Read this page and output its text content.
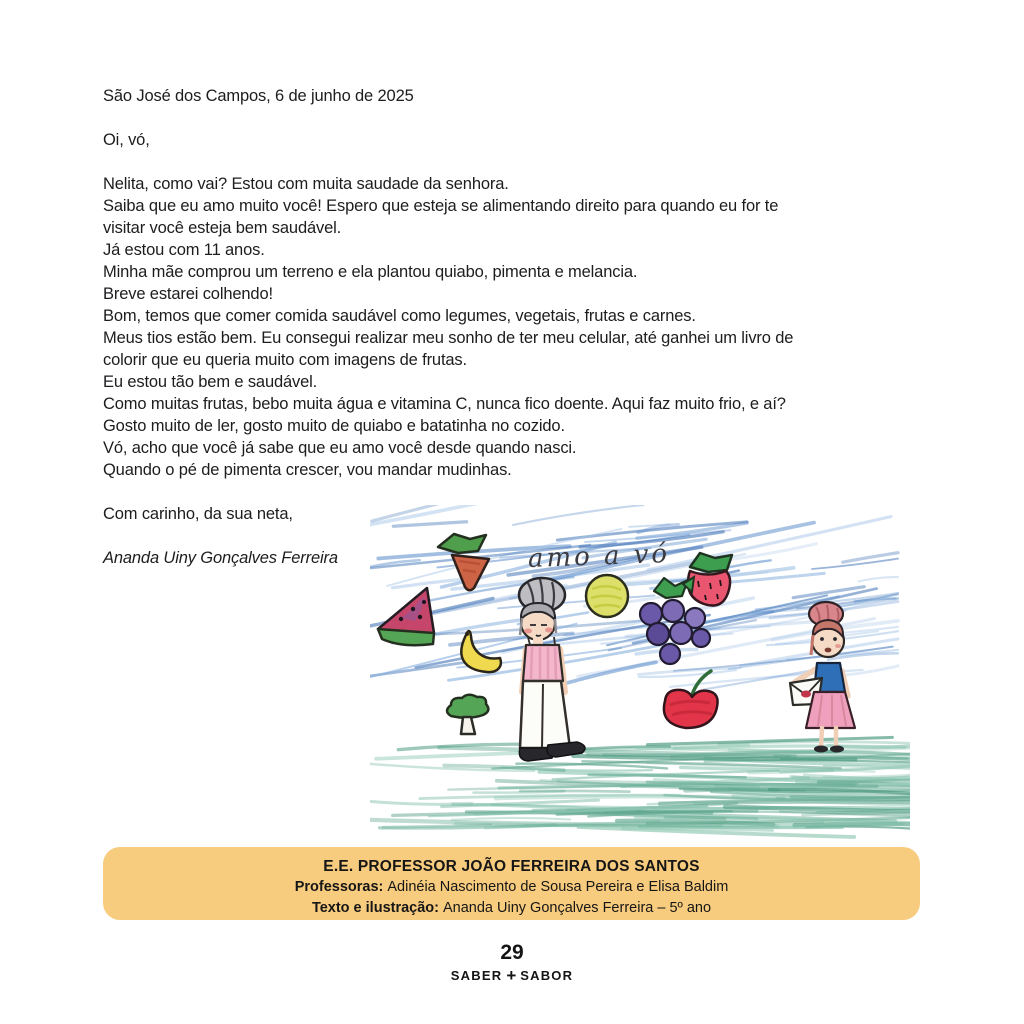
São José dos Campos, 6 de junho de 2025
Oi, vó,
Nelita, como vai? Estou com muita saudade da senhora.
Saiba que eu amo muito você! Espero que esteja se alimentando direito para quando eu for te
visitar você esteja bem saudável.
Já estou com 11 anos.
Minha mãe comprou um terreno e ela plantou quiabo, pimenta e melancia.
Breve estarei colhendo!
Bom, temos que comer comida saudável como legumes, vegetais, frutas e carnes.
Meus tios estão bem. Eu consegui realizar meu sonho de ter meu celular, até ganhei um livro de
colorir que eu queria muito com imagens de frutas.
Eu estou tão bem e saudável.
Como muitas frutas, bebo muita água e vitamina C, nunca fico doente. Aqui faz muito frio, e aí?
Gosto muito de ler, gosto muito de quiabo e batatinha no cozido.
Vó, acho que você já sabe que eu amo você desde quando nasci.
Quando o pé de pimenta crescer, vou mandar mudinhas.
Com carinho, da sua neta,
Ananda Uiny Gonçalves Ferreira	amo a vó
E.E. PROFESSOR JOÃO FERREIRA DOS SANTOS
Professoras: Adinéia Nascimento de Sousa Pereira e Elisa Baldim
Texto e ilustração: Ananda Uiny Gonçalves Ferreira – 5º ano
29
SABER + SABOR
